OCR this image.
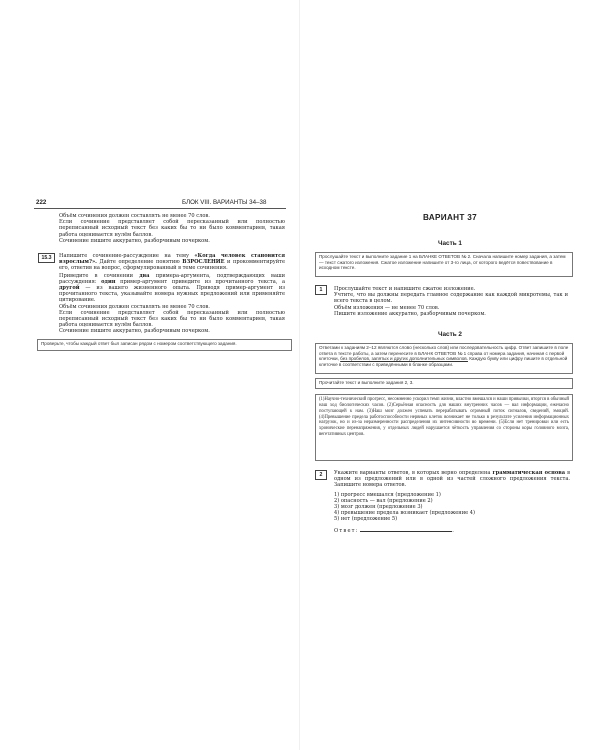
222	БЛОК VIII. ВАРИАНТЫ 34–38

Объём сочинения должен составлять не менее 70 слов.

Если сочинение представляет собой пересказанный или полностью переписанный исходный текст без каких бы то ни было комментариев, такая работа оценивается нулём баллов.

Сочинение пишите аккуратно, разборчивым почерком.

15.3	Напишите сочинение-рассуждение на тему «Когда человек становится взрослым?». Дайте определение понятию ВЗРОСЛЕНИЕ и прокомментируйте его, ответив на вопрос, сформулированный в теме сочинения.

Приведите в сочинении два примера-аргумента, подтверждающих ваши рассуждения: один пример-аргумент приведите из прочитанного текста, а другой — из вашего жизненного опыта. Приводя пример-аргумент из прочитанного текста, указывайте номера нужных предложений или применяйте цитирование.

Объём сочинения должен составлять не менее 70 слов.

Если сочинение представляет собой пересказанный или полностью переписанный исходный текст без каких бы то ни было комментариев, такая работа оценивается нулём баллов.

Сочинение пишите аккуратно, разборчивым почерком.

Проверьте, чтобы каждый ответ был записан рядом с номером соответствующего задания.

ВАРИАНТ 37
Часть 1

Прослушайте текст и выполните задание 1 на БЛАНКЕ ОТВЕТОВ № 2. Сначала напишите номер задания, а затем — текст сжатого изложения. Сжатое изложение напишите от 3-го лица, от которого ведётся повествование в исходном тексте.

1	Прослушайте текст и напишите сжатое изложение.

Учтите, что вы должны передать главное содержание как каждой микротемы, так и всего текста в целом.

Объём изложения — не менее 70 слов.

Пишите изложение аккуратно, разборчивым почерком.

Часть 2

Ответами к заданиям 2–12 являются слово (несколько слов) или последовательность цифр. Ответ запишите в поле ответа в тексте работы, а затем перенесите в БЛАНК ОТВЕТОВ № 1 справа от номера задания, начиная с первой клеточки, без пробелов, запятых и других дополнительных символов. Каждую букву или цифру пишите в отдельной клеточке в соответствии с приведёнными в бланке образцами.

Прочитайте текст и выполните задания 2, 3.

(1)Научно-технический прогресс, несомненно ускорил темп жизни, властно вмешался и наши привычки, вторгся в обычный наш ход биологических часов. (2)Серьёзная опасность для наших внутренних часов — вал информации, ежечасно поступающей к нам. (3)Наш мозг должен успевать перерабатывать огромный поток сигналов, сведений, эмоций. (4)Превышение предела работоспособности нервных клеток возникает не только в результате усиления информационных нагрузок, но и из-за неразмеренности распределения их интенсивности во времени. (5)Если нет тренировки или есть хронические перенапряжения, у отдельных людей нарушается чёткость управления со стороны коры головного мозга, вегетативных центров.

2	Укажите варианты ответов, в которых верно определена грамматическая основа в одном из предложений или в одной из частей сложного предложения текста. Запишите номера ответов.

1) прогресс вмешался (предложение 1)

2) опасность — вал (предложение 2)

3) мозг должен (предложение 3)

4) превышение предела возникает (предложение 4)

5) нет (предложение 5)

Ответ:	.
